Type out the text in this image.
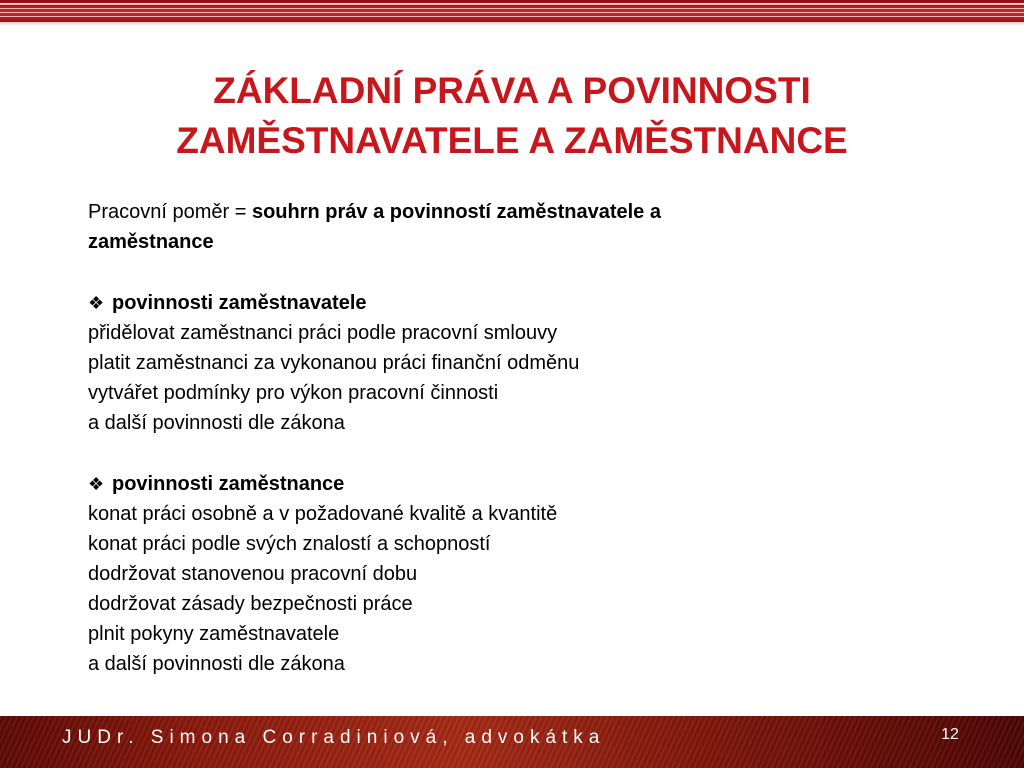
ZÁKLADNÍ PRÁVA A POVINNOSTI
ZAMĚSTNAVATELE A ZAMĚSTNANCE
Pracovní poměr = souhrn práv a povinností zaměstnavatele a
zaměstnance
❖ povinnosti zaměstnavatele
přidělovat zaměstnanci práci podle pracovní smlouvy
platit zaměstnanci za vykonanou práci finanční odměnu
vytvářet podmínky pro výkon pracovní činnosti
a další povinnosti dle zákona
❖ povinnosti zaměstnance
konat práci osobně a v požadované kvalitě a kvantitě
konat práci podle svých znalostí a schopností
dodržovat stanovenou pracovní dobu
dodržovat zásady bezpečnosti práce
plnit pokyny zaměstnavatele
a další povinnosti dle zákona
JUDr. Simona Corradiniová, advokátka	12
